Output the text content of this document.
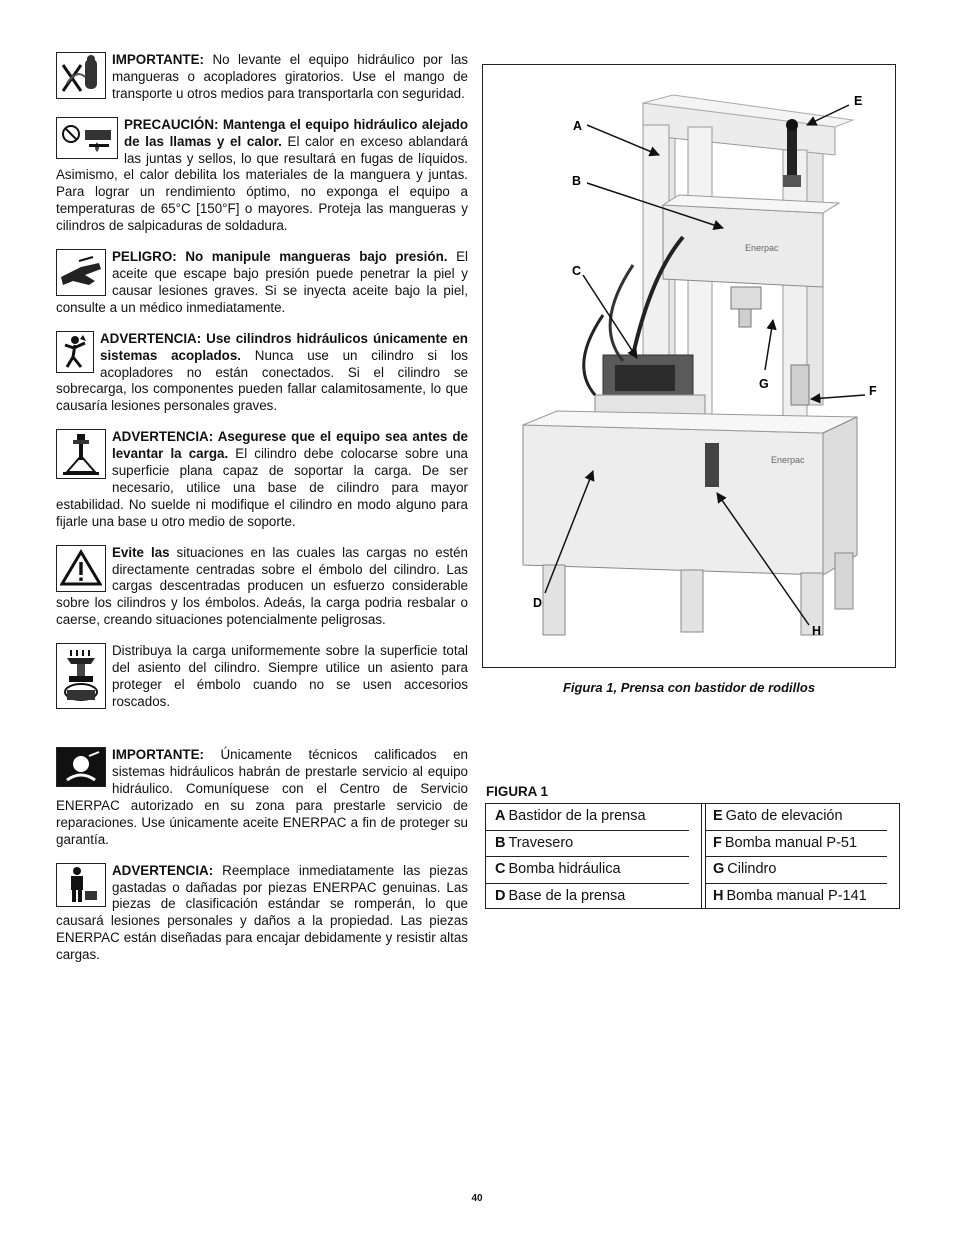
IMPORTANTE: No levante el equipo hidráulico por las mangueras o acopladores giratorios. Use el mango de transporte u otros medios para transportarla con seguridad.
PRECAUCIÓN: Mantenga el equipo hidráulico alejado de las llamas y el calor. El calor en exceso ablandará las juntas y sellos, lo que resultará en fugas de líquidos. Asimismo, el calor debilita los materiales de la manguera y juntas. Para lograr un rendimiento óptimo, no exponga el equipo a temperaturas de 65°C [150°F] o mayores. Proteja las mangueras y cilindros de salpicaduras de soldadura.
PELIGRO: No manipule mangueras bajo presión. El aceite que escape bajo presión puede penetrar la piel y causar lesiones graves. Si se inyecta aceite bajo la piel, consulte a un médico inmediatamente.
ADVERTENCIA: Use cilindros hidráulicos únicamente en sistemas acoplados. Nunca use un cilindro si los acopladores no están conectados. Si el cilindro se sobrecarga, los componentes pueden fallar calamitosamente, lo que causaría lesiones personales graves.
ADVERTENCIA: Asegurese que el equipo sea antes de levantar la carga. El cilindro debe colocarse sobre una superficie plana capaz de soportar la carga. De ser necesario, utilice una base de cilindro para mayor estabilidad. No suelde ni modifique el cilindro en modo alguno para fijarle una base u otro medio de soporte.
Evite las situaciones en las cuales las cargas no estén directamente centradas sobre el émbolo del cilindro. Las cargas descentradas producen un esfuerzo considerable sobre los cilindros y los émbolos. Adeás, la carga podria resbalar o caerse, creando situaciones potencialmente peligrosas.
Distribuya la carga uniformemente sobre la superficie total del asiento del cilindro. Siempre utilice un asiento para proteger el émbolo cuando no se usen accesorios roscados.
IMPORTANTE: Únicamente técnicos calificados en sistemas hidráulicos habrán de prestarle servicio al equipo hidráulico. Comuníquese con el Centro de Servicio ENERPAC autorizado en su zona para prestarle servicio de reparaciones. Use únicamente aceite ENERPAC a fin de proteger su garantía.
ADVERTENCIA: Reemplace inmediatamente las piezas gastadas o dañadas por piezas ENERPAC genuinas. Las piezas de clasificación estándar se romperán, lo que causará lesiones personales y daños a la propiedad. Las piezas ENERPAC están diseñadas para encajar debidamente y resistir altas cargas.
Enerpac
Enerpac
A
B
C
D
E
F
G
H
Figura 1, Prensa con bastidor de rodillos
FIGURA 1
A Bastidor de la prensa
B Travesero
C Bomba hidráulica
D Base de la prensa
E Gato de elevación
F Bomba manual P-51
G Cilindro
H Bomba manual P-141
40
